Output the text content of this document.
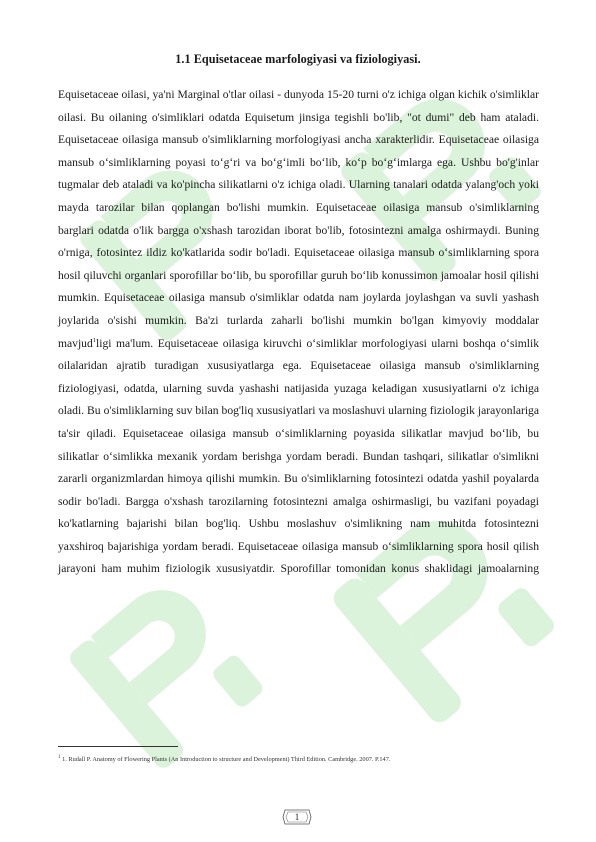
1.1 Equisetaceae marfologiyasi va fiziologiyasi.
Equisetaceae oilasi, ya'ni Marginal o'tlar oilasi - dunyoda 15-20 turni o'z ichiga olgan kichik o'simliklar oilasi. Bu oilaning o'simliklari odatda Equisetum jinsiga tegishli bo'lib, "ot dumi" deb ham ataladi. Equisetaceae oilasiga mansub o'simliklarning morfologiyasi ancha xarakterlidir. Equisetaceae oilasiga mansub o‘simliklarning poyasi to‘g‘ri va bo‘g‘imli bo‘lib, ko‘p bo‘g‘imlarga ega. Ushbu bo'g'inlar tugmalar deb ataladi va ko'pincha silikatlarni o'z ichiga oladi. Ularning tanalari odatda yalang'och yoki mayda tarozilar bilan qoplangan bo'lishi mumkin. Equisetaceae oilasiga mansub o'simliklarning barglari odatda o'lik bargga o'xshash tarozidan iborat bo'lib, fotosintezni amalga oshirmaydi. Buning o'rniga, fotosintez ildiz ko'katlarida sodir bo'ladi. Equisetaceae oilasiga mansub o‘simliklarning spora hosil qiluvchi organlari sporofillar bo‘lib, bu sporofillar guruh bo‘lib konussimon jamoalar hosil qilishi mumkin. Equisetaceae oilasiga mansub o'simliklar odatda nam joylarda joylashgan va suvli yashash joylarida o'sishi mumkin. Ba'zi turlarda zaharli bo'lishi mumkin bo'lgan kimyoviy moddalar mavjud$^1$ligi ma'lum. Equisetaceae oilasiga kiruvchi o‘simliklar morfologiyasi ularni boshqa o‘simlik oilalaridan ajratib turadigan xususiyatlarga ega. Equisetaceae oilasiga mansub o'simliklarning fiziologiyasi, odatda, ularning suvda yashashi natijasida yuzaga keladigan xususiyatlarni o'z ichiga oladi. Bu o'simliklarning suv bilan bog'liq xususiyatlari va moslashuvi ularning fiziologik jarayonlariga ta'sir qiladi. Equisetaceae oilasiga mansub o‘simliklarning poyasida silikatlar mavjud bo‘lib, bu silikatlar o‘simlikka mexanik yordam berishga yordam beradi. Bundan tashqari, silikatlar o'simlikni zararli organizmlardan himoya qilishi mumkin. Bu o'simliklarning fotosintezi odatda yashil poyalarda sodir bo'ladi. Barggа o'xshash tarozilarning fotosintezni amalga oshirmasligi, bu vazifani poyadagi ko'katlarning bajarishi bilan bog'liq. Ushbu moslashuv o'simlikning nam muhitda fotosintezni yaxshiroq bajarishiga yordam beradi. Equisetaceae oilasiga mansub o‘simliklarning spora hosil qilish jarayoni ham muhim fiziologik xususiyatdir. Sporofillar tomonidan konus shaklidagi jamoalarning
$^1$ 1. Rudall P. Anatomy of Flowering Plants (An Introduction to structure and Development) Third Edition. Cambridge. 2007. P.147.
1
